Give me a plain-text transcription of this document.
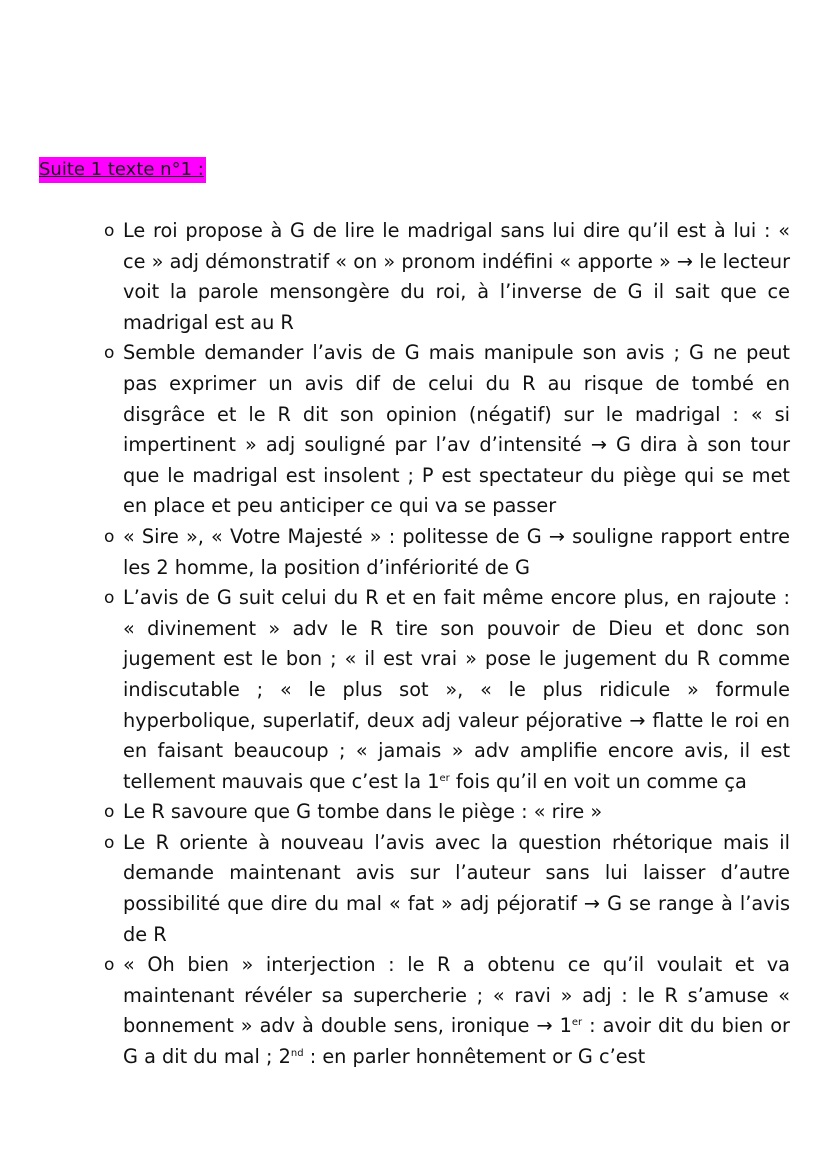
Suite 1 texte n°1 :
o Le roi propose à G de lire le madrigal sans lui dire qu’il est à lui : « ce » adj démonstratif « on » pronom indéfini « apporte » → le lecteur voit la parole mensongère du roi, à l’inverse de G il sait que ce madrigal est au R
o Semble demander l’avis de G mais manipule son avis ; G ne peut pas exprimer un avis dif de celui du R au risque de tombé en disgrâce et le R dit son opinion (négatif) sur le madrigal : « si impertinent » adj souligné par l’av d’intensité → G dira à son tour que le madrigal est insolent ; P est spectateur du piège qui se met en place et peu anticiper ce qui va se passer
o « Sire », « Votre Majesté » : politesse de G → souligne rapport entre les 2 homme, la position d’infériorité de G
o L’avis de G suit celui du R et en fait même encore plus, en rajoute : « divinement » adv le R tire son pouvoir de Dieu et donc son jugement est le bon ; « il est vrai » pose le jugement du R comme indiscutable ; « le plus sot », « le plus ridicule » formule hyperbolique, superlatif, deux adj valeur péjorative → flatte le roi en en faisant beaucoup ; « jamais » adv amplifie encore avis, il est tellement mauvais que c’est la 1er fois qu’il en voit un comme ça
o Le R savoure que G tombe dans le piège : « rire »
o Le R oriente à nouveau l’avis avec la question rhétorique mais il demande maintenant avis sur l’auteur sans lui laisser d’autre possibilité que dire du mal « fat » adj péjoratif → G se range à l’avis de R
o « Oh bien » interjection : le R a obtenu ce qu’il voulait et va maintenant révéler sa supercherie ; « ravi » adj : le R s’amuse « bonnement » adv à double sens, ironique → 1er : avoir dit du bien or G a dit du mal ; 2nd : en parler honnêtement or G c’est
